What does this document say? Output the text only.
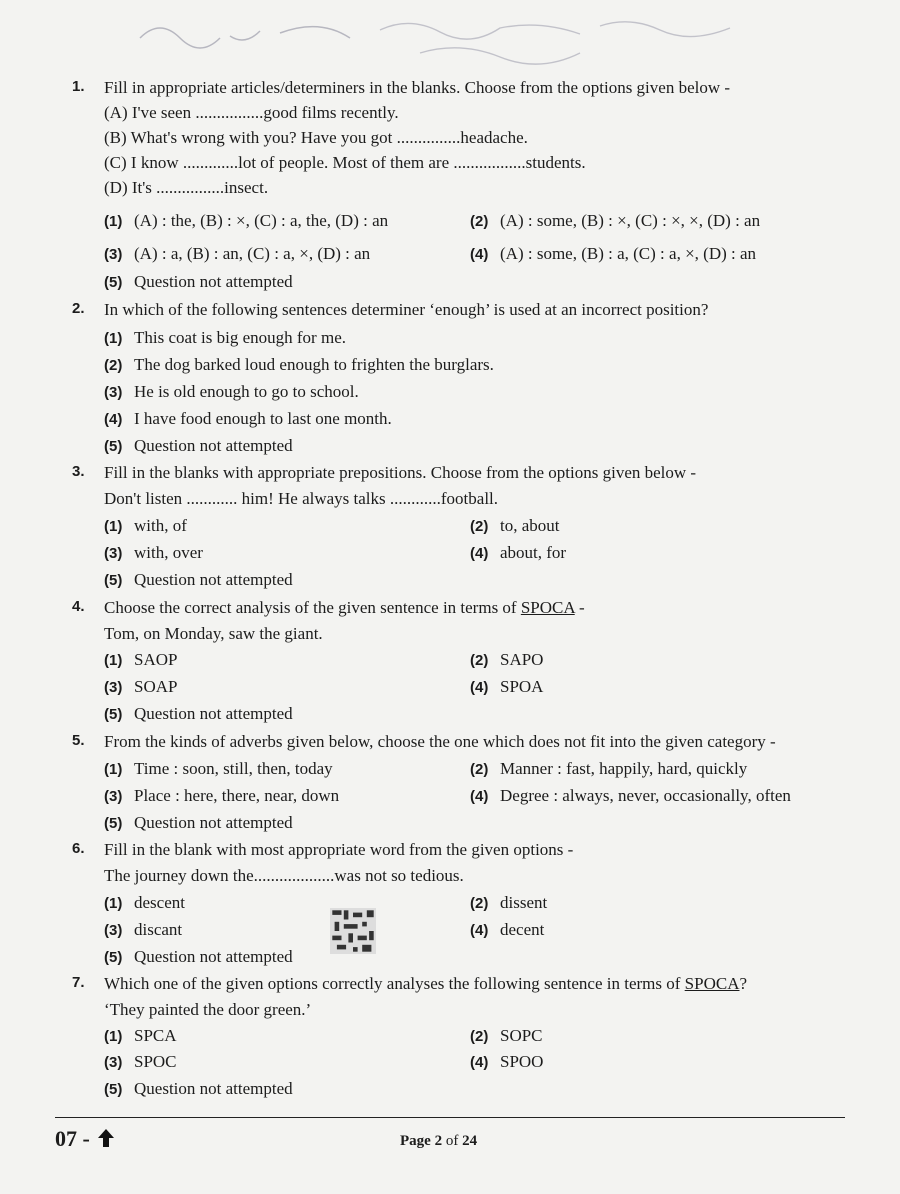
1. Fill in appropriate articles/determiners in the blanks. Choose from the options given below -
(A) I've seen ................good films recently.
(B) What's wrong with you? Have you got ...............headache.
(C) I know .............lot of people. Most of them are .................students.
(D) It's ................insect.
(1) (A) : the, (B) : ×, (C) : a, the, (D) : an	(2) (A) : some, (B) : ×, (C) : ×, ×, (D) : an
(3) (A) : a, (B) : an, (C) : a, ×, (D) : an	(4) (A) : some, (B) : a, (C) : a, ×, (D) : an
(5) Question not attempted
2. In which of the following sentences determiner ‘enough’ is used at an incorrect position?
(1) This coat is big enough for me.
(2) The dog barked loud enough to frighten the burglars.
(3) He is old enough to go to school.
(4) I have food enough to last one month.
(5) Question not attempted
3. Fill in the blanks with appropriate prepositions. Choose from the options given below -
Don't listen ............ him! He always talks ............football.
(1) with, of	(2) to, about
(3) with, over	(4) about, for
(5) Question not attempted
4. Choose the correct analysis of the given sentence in terms of SPOCA -
Tom, on Monday, saw the giant.
(1) SAOP	(2) SAPO
(3) SOAP	(4) SPOA
(5) Question not attempted
5. From the kinds of adverbs given below, choose the one which does not fit into the given category -
(1) Time : soon, still, then, today	(2) Manner : fast, happily, hard, quickly
(3) Place : here, there, near, down	(4) Degree : always, never, occasionally, often
(5) Question not attempted
6. Fill in the blank with most appropriate word from the given options -
The journey down the...................was not so tedious.
(1) descent	(2) dissent
(3) discant	(4) decent
(5) Question not attempted
7. Which one of the given options correctly analyses the following sentence in terms of SPOCA?
‘They painted the door green.’
(1) SPCA	(2) SOPC
(3) SPOC	(4) SPOO
(5) Question not attempted
07 -	Page 2 of 24
